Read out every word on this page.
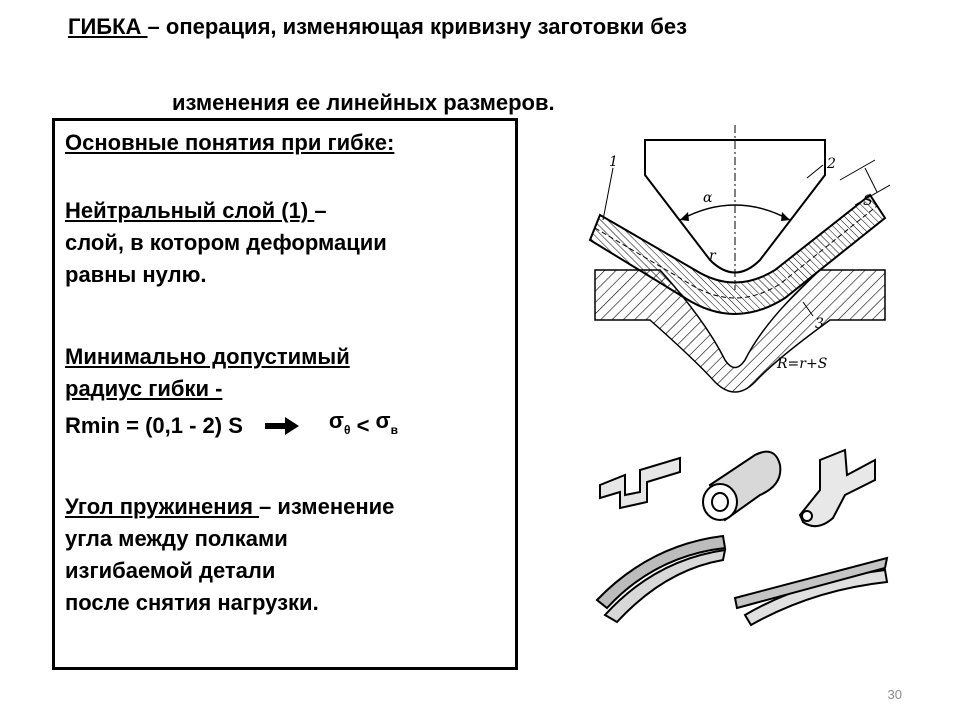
ГИБКА – операция, изменяющая кривизну заготовки без
изменения ее линейных размеров.
Основные понятия при гибке:
Нейтральный слой (1) –
слой, в котором деформации
равны нулю.
Минимально допустимый
радиус гибки -
Rmin = (0,1 - 2) S	$\sigma_\theta < \sigma_в$
Угол пружинения – изменение
угла между полками
изгибаемой детали
после снятия нагрузки.
1	2
3
α
r
S
R=r+S
30
